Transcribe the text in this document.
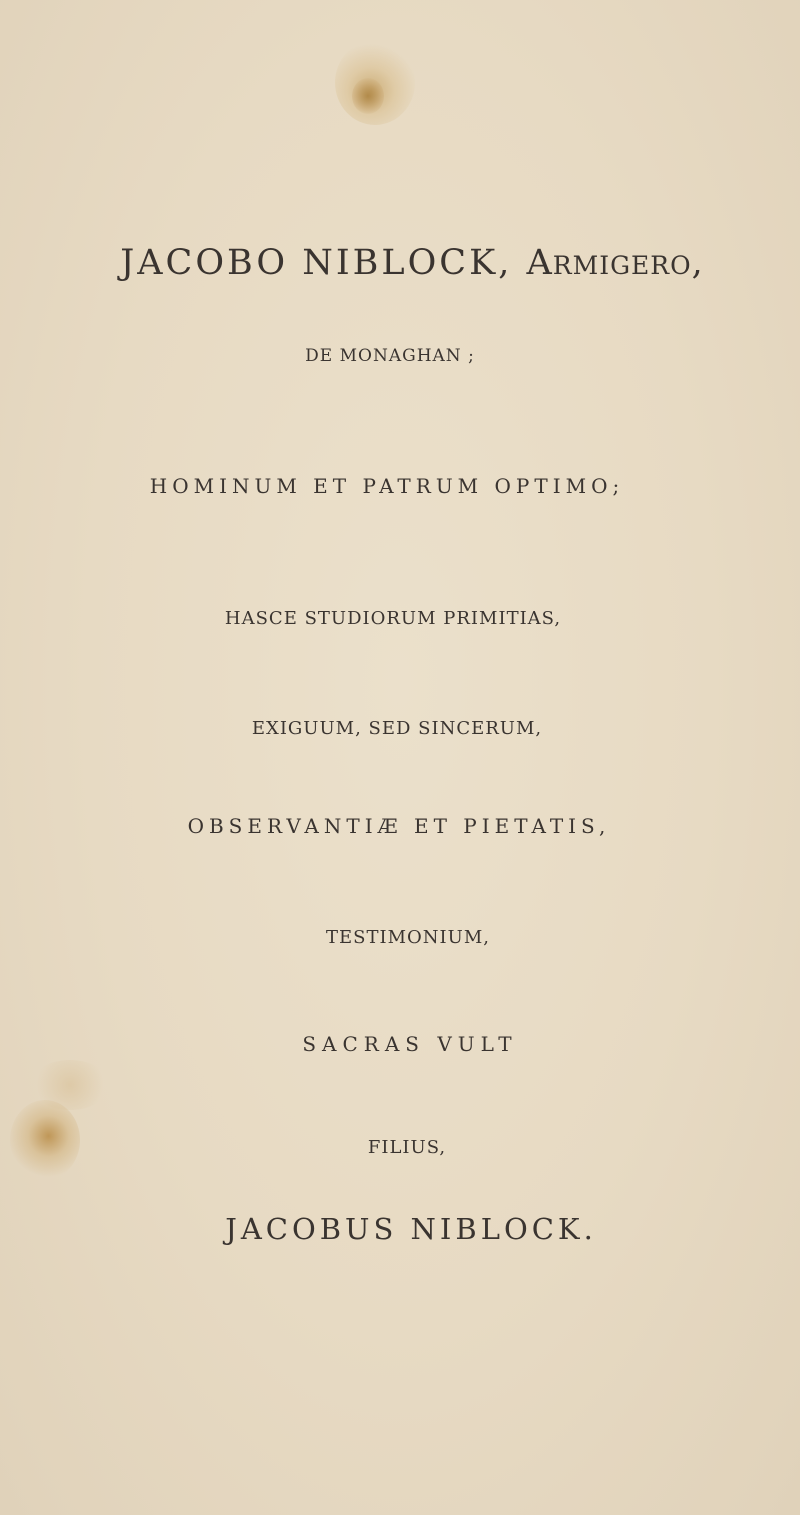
JACOBO NIBLOCK, Armigero,

DE MONAGHAN ;

HOMINUM ET PATRUM OPTIMO;

HASCE STUDIORUM PRIMITIAS,

EXIGUUM, SED SINCERUM,

OBSERVANTIÆ ET PIETATIS,

TESTIMONIUM,

SACRAS VULT

FILIUS,

JACOBUS NIBLOCK.
